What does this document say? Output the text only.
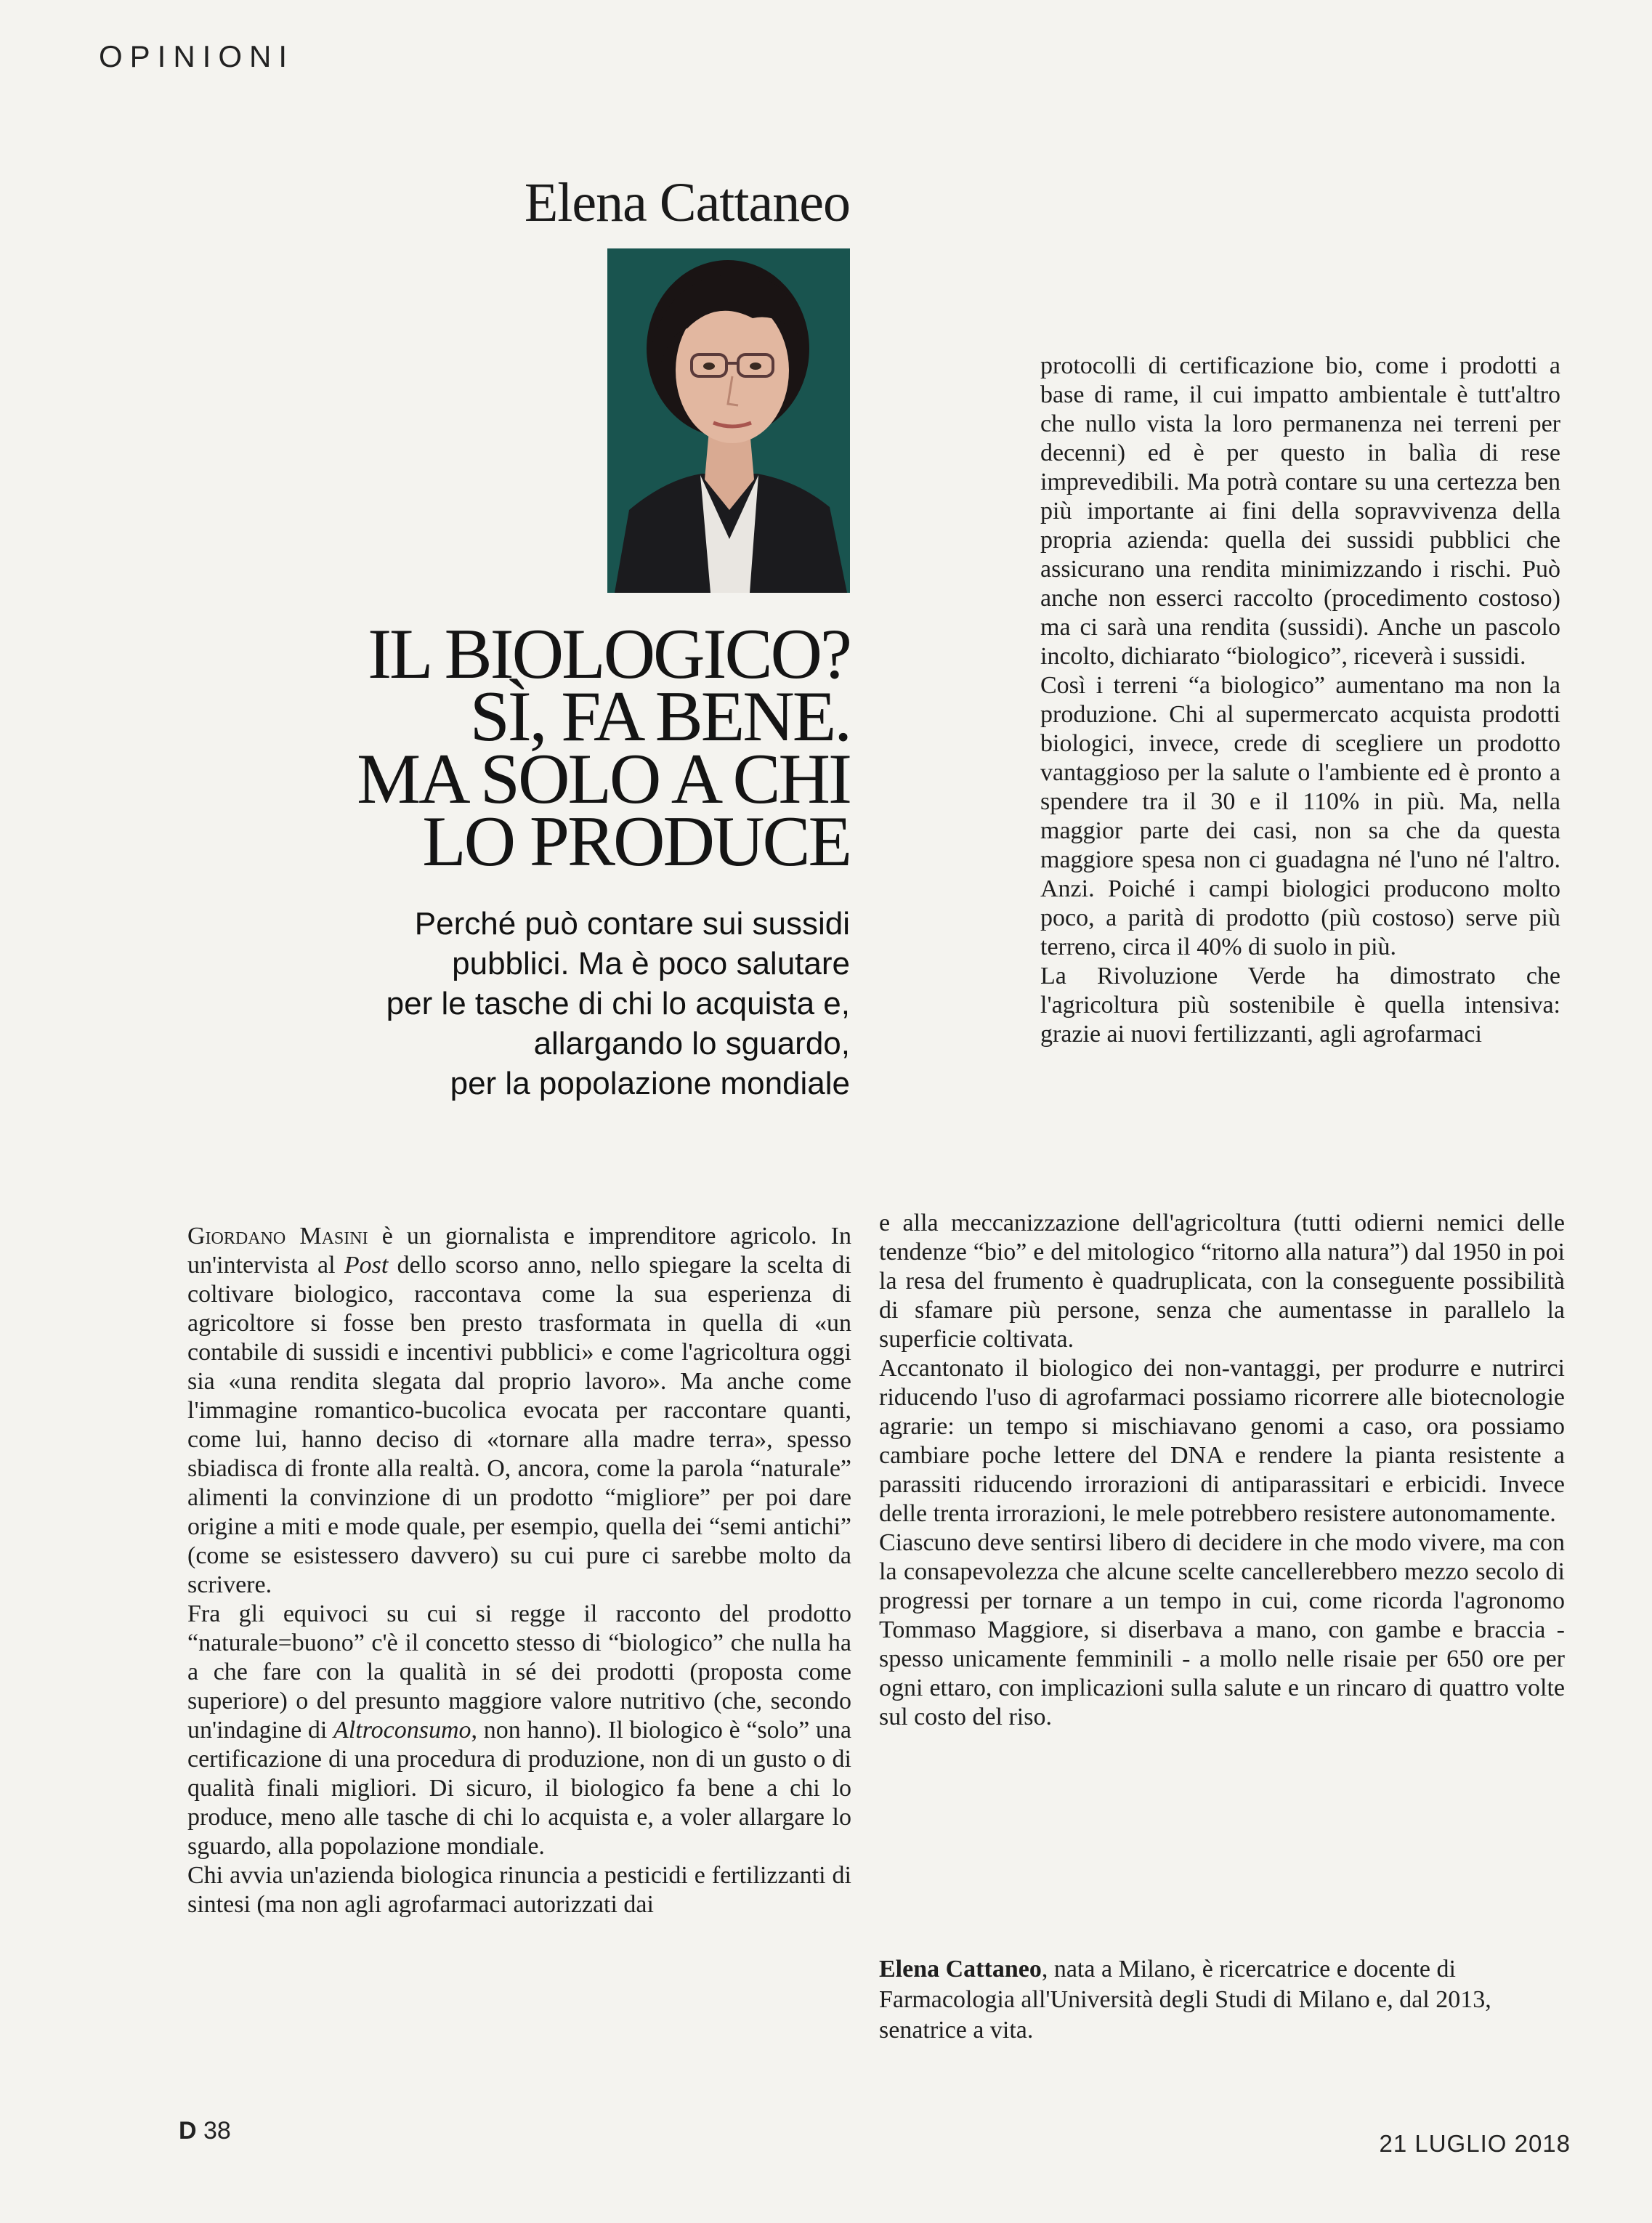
OPINIONI
Elena Cattaneo
IL BIOLOGICO?
SÌ, FA BENE.
MA SOLO A CHI
LO PRODUCE
Perché può contare sui sussidi
pubblici. Ma è poco salutare
per le tasche di chi lo acquista e,
allargando lo sguardo,
per la popolazione mondiale

protocolli di certificazione bio, come i prodotti a base di rame, il cui impatto ambientale è tutt'altro che nullo vista la loro permanenza nei terreni per decenni) ed è per questo in balìa di rese imprevedibili. Ma potrà contare su una certezza ben più importante ai fini della sopravvivenza della propria azienda: quella dei sussidi pubblici che assicurano una rendita minimizzando i rischi. Può anche non esserci raccolto (procedimento costoso) ma ci sarà una rendita (sussidi). Anche un pascolo incolto, dichiarato “biologico”, riceverà i sussidi.

Così i terreni “a biologico” aumentano ma non la produzione. Chi al supermercato acquista prodotti biologici, invece, crede di scegliere un prodotto vantaggioso per la salute o l'ambiente ed è pronto a spendere tra il 30 e il 110% in più. Ma, nella maggior parte dei casi, non sa che da questa maggiore spesa non ci guadagna né l'uno né l'altro. Anzi. Poiché i campi biologici producono molto poco, a parità di prodotto (più costoso) serve più terreno, circa il 40% di suolo in più.

La Rivoluzione Verde ha dimostrato che l'agricoltura più sostenibile è quella intensiva: grazie ai nuovi fertilizzanti, agli agrofarmaci

Giordano Masini è un giornalista e imprenditore agricolo. In un'intervista al Post dello scorso anno, nello spiegare la scelta di coltivare biologico, raccontava come la sua esperienza di agricoltore si fosse ben presto trasformata in quella di «un contabile di sussidi e incentivi pubblici» e come l'agricoltura oggi sia «una rendita slegata dal proprio lavoro». Ma anche come l'immagine romantico-bucolica evocata per raccontare quanti, come lui, hanno deciso di «tornare alla madre terra», spesso sbiadisca di fronte alla realtà. O, ancora, come la parola “naturale” alimenti la convinzione di un prodotto “migliore” per poi dare origine a miti e mode quale, per esempio, quella dei “semi antichi” (come se esistessero davvero) su cui pure ci sarebbe molto da scrivere.

Fra gli equivoci su cui si regge il racconto del prodotto “naturale=buono” c'è il concetto stesso di “biologico” che nulla ha a che fare con la qualità in sé dei prodotti (proposta come superiore) o del presunto maggiore valore nutritivo (che, secondo un'indagine di Altroconsumo, non hanno). Il biologico è “solo” una certificazione di una procedura di produzione, non di un gusto o di qualità finali migliori. Di sicuro, il biologico fa bene a chi lo produce, meno alle tasche di chi lo acquista e, a voler allargare lo sguardo, alla popolazione mondiale.

Chi avvia un'azienda biologica rinuncia a pesticidi e fertilizzanti di sintesi (ma non agli agrofarmaci autorizzati dai

e alla meccanizzazione dell'agricoltura (tutti odierni nemici delle tendenze “bio” e del mitologico “ritorno alla natura”) dal 1950 in poi la resa del frumento è quadruplicata, con la conseguente possibilità di sfamare più persone, senza che aumentasse in parallelo la superficie coltivata.

Accantonato il biologico dei non-vantaggi, per produrre e nutrirci riducendo l'uso di agrofarmaci possiamo ricorrere alle biotecnologie agrarie: un tempo si mischiavano genomi a caso, ora possiamo cambiare poche lettere del DNA e rendere la pianta resistente a parassiti riducendo irrorazioni di antiparassitari e erbicidi. Invece delle trenta irrorazioni, le mele potrebbero resistere autonomamente.

Ciascuno deve sentirsi libero di decidere in che modo vivere, ma con la consapevolezza che alcune scelte cancellerebbero mezzo secolo di progressi per tornare a un tempo in cui, come ricorda l'agronomo Tommaso Maggiore, si diserbava a mano, con gambe e braccia - spesso unicamente femminili - a mollo nelle risaie per 650 ore per ogni ettaro, con implicazioni sulla salute e un rincaro di quattro volte sul costo del riso.

Elena Cattaneo, nata a Milano, è ricercatrice e docente di Farmacologia all'Università degli Studi di Milano e, dal 2013, senatrice a vita.
D 38	21 LUGLIO 2018
